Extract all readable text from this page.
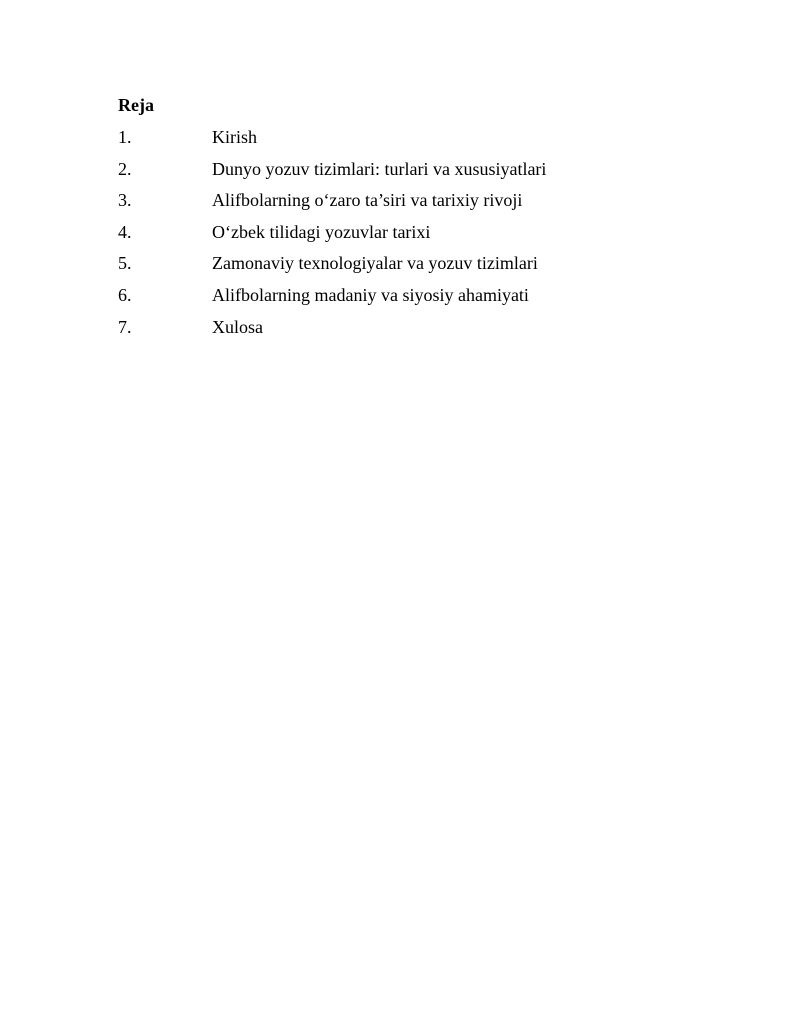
Reja
1.	Kirish
2.	Dunyo yozuv tizimlari: turlari va xususiyatlari
3.	Alifbolarning o‘zaro ta’siri va tarixiy rivoji
4.	O‘zbek tilidagi yozuvlar tarixi
5.	Zamonaviy texnologiyalar va yozuv tizimlari
6.	Alifbolarning madaniy va siyosiy ahamiyati
7.	Xulosa
